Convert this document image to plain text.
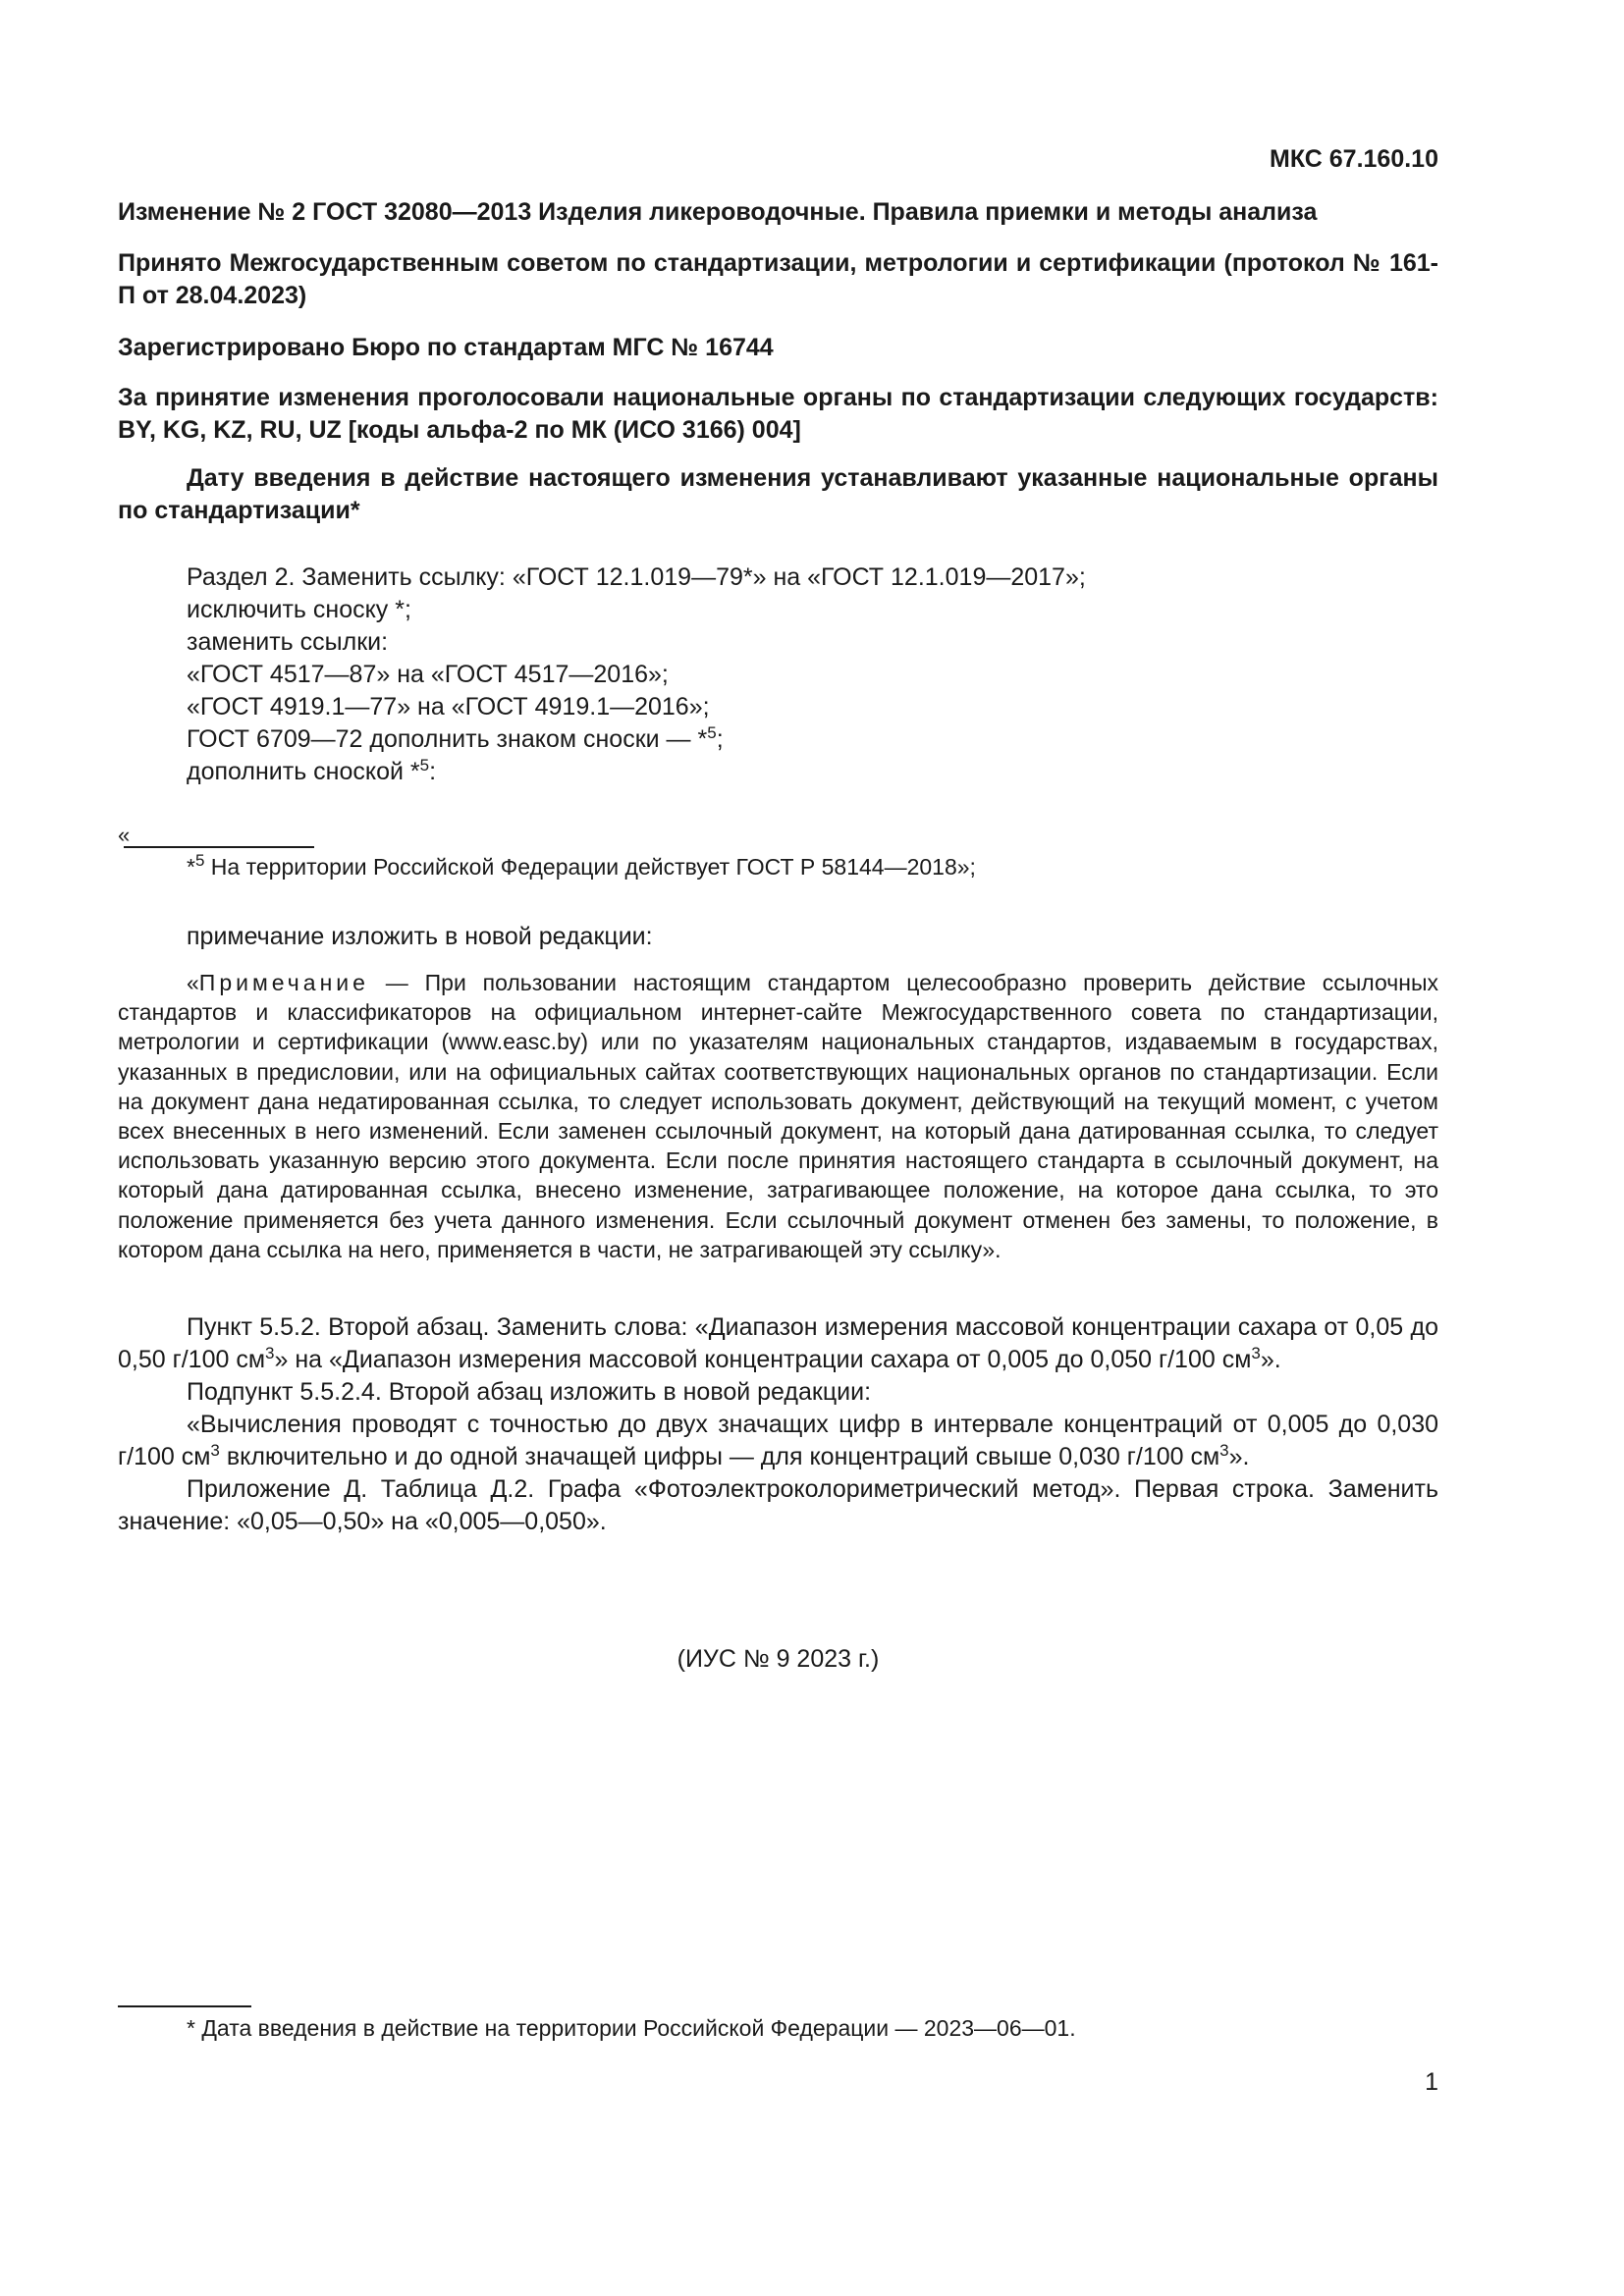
МКС 67.160.10

Изменение № 2 ГОСТ 32080—2013 Изделия ликероводочные. Правила приемки и методы анализа

Принято Межгосударственным советом по стандартизации, метрологии и сертификации (протокол № 161-П от 28.04.2023)

Зарегистрировано Бюро по стандартам МГС № 16744

За принятие изменения проголосовали национальные органы по стандартизации следующих государств: BY, KG, KZ, RU, UZ [коды альфа-2 по МК (ИСО 3166) 004]

Дату введения в действие настоящего изменения устанавливают указанные национальные органы по стандартизации*

Раздел 2. Заменить ссылку: «ГОСТ 12.1.019—79*» на «ГОСТ 12.1.019—2017»;
исключить сноску *;
заменить ссылки:
«ГОСТ 4517—87» на «ГОСТ 4517—2016»;
«ГОСТ 4919.1—77» на «ГОСТ 4919.1—2016»;
ГОСТ 6709—72 дополнить знаком сноски — *$^5$;
дополнить сноской *$^5$:
«
*$^5$ На территории Российской Федерации действует ГОСТ Р 58144—2018»;
примечание изложить в новой редакции:

«Примечание — При пользовании настоящим стандартом целесообразно проверить действие ссылочных стандартов и классификаторов на официальном интернет-сайте Межгосударственного совета по стандартизации, метрологии и сертификации (www.easc.by) или по указателям национальных стандартов, издаваемым в государствах, указанных в предисловии, или на официальных сайтах соответствующих национальных органов по стандартизации. Если на документ дана недатированная ссылка, то следует использовать документ, действующий на текущий момент, с учетом всех внесенных в него изменений. Если заменен ссылочный документ, на который дана датированная ссылка, то следует использовать указанную версию этого документа. Если после принятия настоящего стандарта в ссылочный документ, на который дана датированная ссылка, внесено изменение, затрагивающее положение, на которое дана ссылка, то это положение применяется без учета данного изменения. Если ссылочный документ отменен без замены, то положение, в котором дана ссылка на него, применяется в части, не затрагивающей эту ссылку».

Пункт 5.5.2. Второй абзац. Заменить слова: «Диапазон измерения массовой концентрации сахара от 0,05 до 0,50 г/100 $см^3$» на «Диапазон измерения массовой концентрации сахара от 0,005 до 0,050 г/100 $см^3$».

Подпункт 5.5.2.4. Второй абзац изложить в новой редакции:

«Вычисления проводят с точностью до двух значащих цифр в интервале концентраций от 0,005 до 0,030 г/100 $см^3$ включительно и до одной значащей цифры — для концентраций свыше 0,030 г/100 $см^3$».

Приложение Д. Таблица Д.2. Графа «Фотоэлектроколориметрический метод». Первая строка. Заменить значение: «0,05—0,50» на «0,005—0,050».

(ИУС № 9 2023 г.)
* Дата введения в действие на территории Российской Федерации — 2023—06—01.
1
